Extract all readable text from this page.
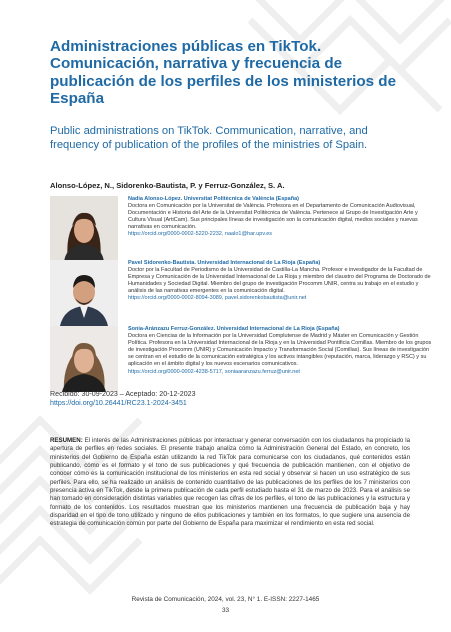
Administraciones públicas en TikTok. Comunicación, narrativa y frecuencia de publicación de los perfiles de los ministerios de España
Public administrations on TikTok. Communication, narrative, and frequency of publication of the profiles of the ministries of Spain.

Alonso-López, N., Sidorenko-Bautista, P. y Ferruz-González, S. A.

Nadia Alonso-López. Universitat Politècnica de València (España)
Doctora en Comunicación por la Universitat de València. Profesora en el Departamento de Comunicación Audiovisual, Documentación e Historia del Arte de la Universitat Politècnica de València. Pertenece al Grupo de Investigación Arte y Cultura Visual (ArtiCam). Sus principales líneas de investigación son la comunicación digital, medios sociales y nuevas narrativas en comunicación.
https://orcid.org/0000-0002-5220-2232, naalo1@har.upv.es
Pavel Sidorenko-Bautista. Universidad Internacional de La Rioja (España)
Doctor por la Facultad de Periodismo de la Universidad de Castilla-La Mancha. Profesor e investigador de la Facultad de Empresa y Comunicación de la Universidad Internacional de La Rioja y miembro del claustro del Programa de Doctorado de Humanidades y Sociedad Digital. Miembro del grupo de investigación Procomm UNIR, centra su trabajo en el estudio y análisis de las narrativas emergentes en la comunicación digital.
https://orcid.org/0000-0002-8094-3089, pavel.sidorenkobautista@unir.net
Sonia-Aránzazu Ferruz-González. Universidad Internacional de La Rioja (España)
Doctora en Ciencias de la Información por la Universidad Complutense de Madrid y Máster en Comunicación y Gestión Política. Profesora en la Universidad Internacional de la Rioja y en la Universidad Pontificia Comillas. Miembro de los grupos de investigación Procomm (UNIR) y Comunicación Impacto y Transformación Social (Comillas). Sus líneas de investigación se centran en el estudio de la comunicación estratégica y los activos intangibles (reputación, marca, liderazgo y RSC) y su aplicación en el ámbito digital y los nuevos escenarios comunicativos.
https://orcid.org/0000-0002-4238-5717, soniaaranzazu.ferruz@unir.net
Recibido: 30-09-2023 – Aceptado: 20-12-2023
https://doi.org/10.26441/RC23.1-2024-3451

RESUMEN: El interés de las Administraciones públicas por interactuar y generar conversación con los ciudadanos ha propiciado la apertura de perfiles en redes sociales. El presente trabajo analiza cómo la Administración General del Estado, en concreto, los ministerios del Gobierno de España están utilizando la red TikTok para comunicarse con los ciudadanos, qué contenidos están publicando, cómo es el formato y el tono de sus publicaciones y qué frecuencia de publicación mantienen, con el objetivo de conocer cómo es la comunicación institucional de los ministerios en esta red social y observar si hacen un uso estratégico de sus perfiles. Para ello, se ha realizado un análisis de contenido cuantitativo de las publicaciones de los perfiles de los 7 ministerios con presencia activa en TikTok, desde la primera publicación de cada perfil estudiado hasta el 31 de marzo de 2023. Para el análisis se han tomado en consideración distintas variables que recogen las cifras de los perfiles, el tono de las publicaciones y la estructura y formato de los contenidos. Los resultados muestran que los ministerios mantienen una frecuencia de publicación baja y hay disparidad en el tipo de tono utilizado y ninguno de ellos publicaciones y también en los formatos, lo que sugiere una ausencia de estrategia de comunicación común por parte del Gobierno de España para maximizar el rendimiento en esta red social.

Revista de Comunicación, 2024, vol. 23, N° 1. E-ISSN: 2227-1465
33
